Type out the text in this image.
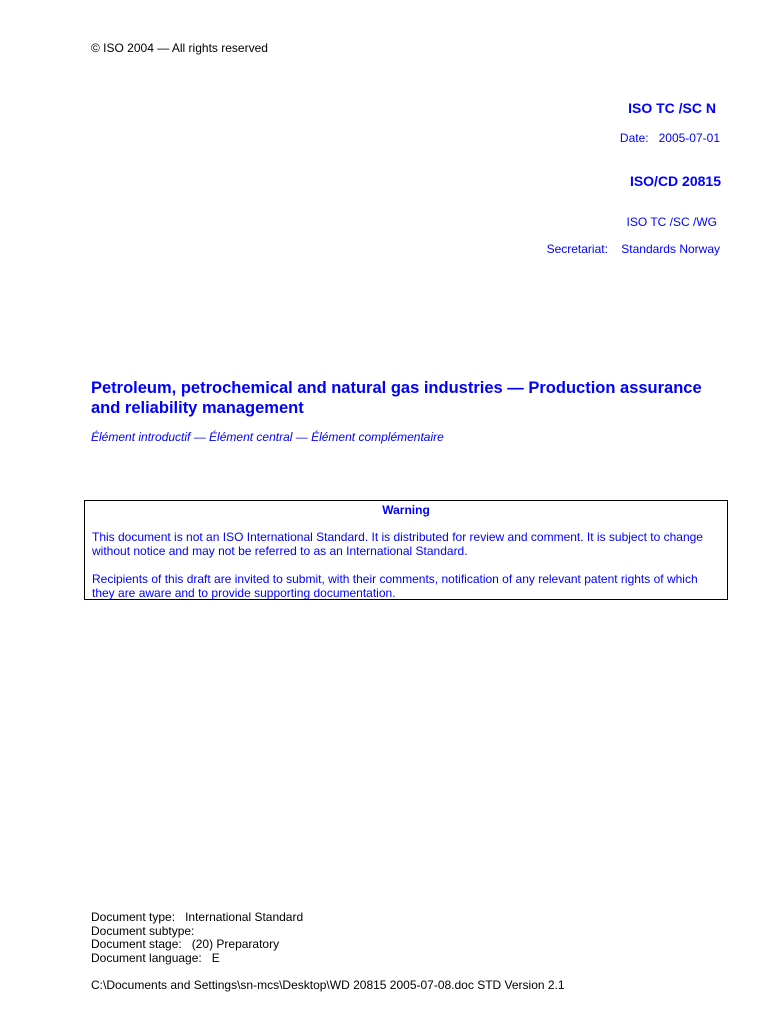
© ISO 2004 — All rights reserved
ISO TC /SC N
Date: 2005-07-01
ISO/CD 20815
ISO TC /SC /WG
Secretariat: Standards Norway
Petroleum, petrochemical and natural gas industries — Production assurance and reliability management
Élément introductif — Élément central — Élément complémentaire
Warning
This document is not an ISO International Standard. It is distributed for review and comment. It is subject to change without notice and may not be referred to as an International Standard.
Recipients of this draft are invited to submit, with their comments, notification of any relevant patent rights of which they are aware and to provide supporting documentation.
Document type: International Standard
Document subtype:
Document stage: (20) Preparatory
Document language: E
C:\Documents and Settings\sn-mcs\Desktop\WD 20815 2005-07-08.doc STD Version 2.1
